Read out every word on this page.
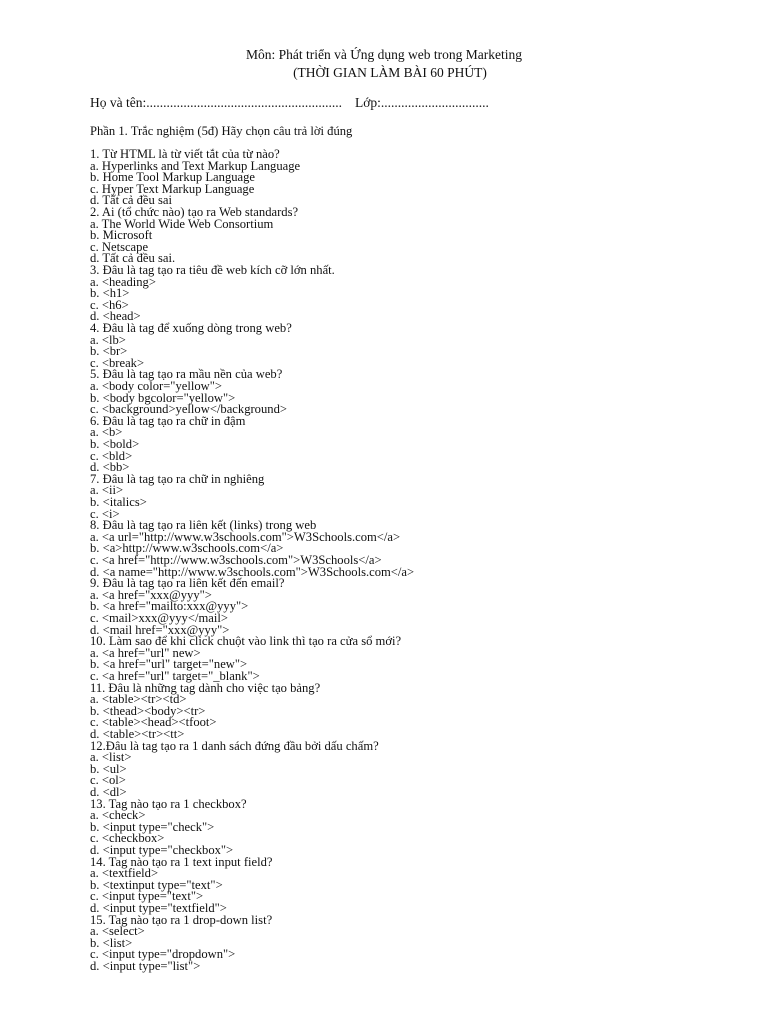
Môn: Phát triển và Ứng dụng web trong Marketing
(THỜI GIAN LÀM BÀI 60 PHÚT)
Họ và tên:.......................................................... Lớp:................................
Phần 1. Trắc nghiệm (5đ) Hãy chọn câu trả lời đúng
1. Từ HTML là từ viết tắt của từ nào?
a. Hyperlinks and Text Markup Language
b. Home Tool Markup Language
c. Hyper Text Markup Language
d. Tất cả đều sai
2. Ai (tổ chức nào) tạo ra Web standards?
a. The World Wide Web Consortium
b. Microsoft
c. Netscape
d. Tất cả đều sai.
3. Đâu là tag tạo ra tiêu đề web kích cỡ lớn nhất.
a. <heading>
b. <h1>
c. <h6>
d. <head>
4. Đâu là tag để xuống dòng trong web?
a. <lb>
b. <br>
c. <break>
5. Đâu là tag tạo ra mầu nền của web?
a. <body color="yellow">
b. <body bgcolor="yellow">
c. <background>yellow</background>
6. Đâu là tag tạo ra chữ in đậm
a. <b>
b. <bold>
c. <bld>
d. <bb>
7. Đâu là tag tạo ra chữ in nghiêng
a. <ii>
b. <italics>
c. <i>
8. Đâu là tag tạo ra liên kết (links) trong web
a. <a url="http://www.w3schools.com">W3Schools.com</a>
b. <a>http://www.w3schools.com</a>
c. <a href="http://www.w3schools.com">W3Schools</a>
d. <a name="http://www.w3schools.com">W3Schools.com</a>
9. Đâu là tag tạo ra liên kết đến email?
a. <a href="xxx@yyy">
b. <a href="mailto:xxx@yyy">
c. <mail>xxx@yyy</mail>
d. <mail href="xxx@yyy">
10. Làm sao để khi click chuột vào link thì tạo ra cửa sổ mới?
a. <a href="url" new>
b. <a href="url" target="new">
c. <a href="url" target="_blank">
11. Đâu là những tag dành cho việc tạo bảng?
a. <table><tr><td>
b. <thead><body><tr>
c. <table><head><tfoot>
d. <table><tr><tt>
12.Đâu là tag tạo ra 1 danh sách đứng đầu bởi dấu chấm?
a. <list>
b. <ul>
c. <ol>
d. <dl>
13. Tag nào tạo ra 1 checkbox?
a. <check>
b. <input type="check">
c. <checkbox>
d. <input type="checkbox">
14. Tag nào tạo ra 1 text input field?
a. <textfield>
b. <textinput type="text">
c. <input type="text">
d. <input type="textfield">
15. Tag nào tạo ra 1 drop-down list?
a. <select>
b. <list>
c. <input type="dropdown">
d. <input type="list">
